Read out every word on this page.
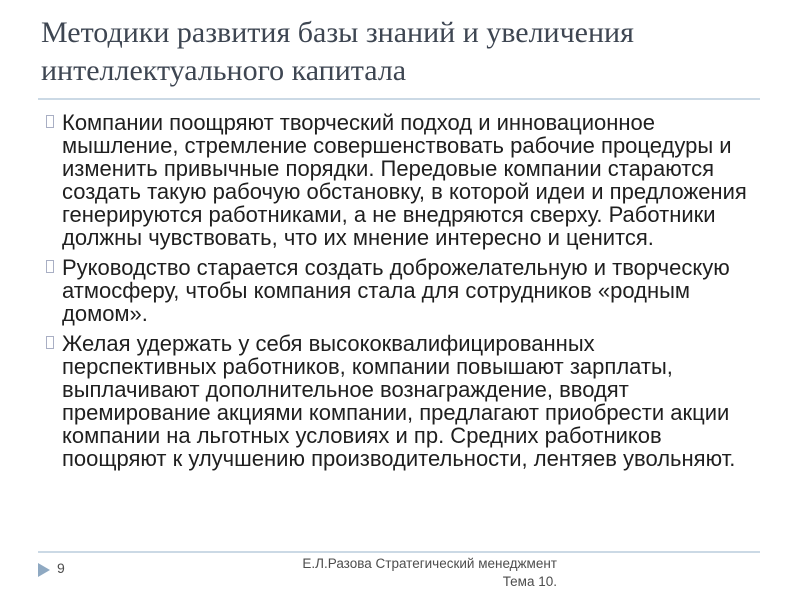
Методики развития базы знаний и увеличения интеллектуального капитала
Компании поощряют творческий подход и инновационное мышление, стремление совершенствовать рабочие процедуры и изменить привычные порядки. Передовые компании стараются создать такую рабочую обстановку, в которой идеи и предложения генерируются работниками, а не внедряются сверху. Работники должны чувствовать, что их мнение интересно и ценится.
Руководство старается создать доброжелательную и творческую атмосферу, чтобы компания стала для сотрудников «родным домом».
Желая удержать у себя высококвалифицированных перспективных работников, компании повышают зарплаты, выплачивают дополнительное вознаграждение, вводят премирование акциями компании, предлагают приобрести акции компании на льготных условиях и пр. Средних работников поощряют к улучшению производительности, лентяев увольняют.
9	Е.Л.Разова Стратегический менеджмент
Тема 10.
